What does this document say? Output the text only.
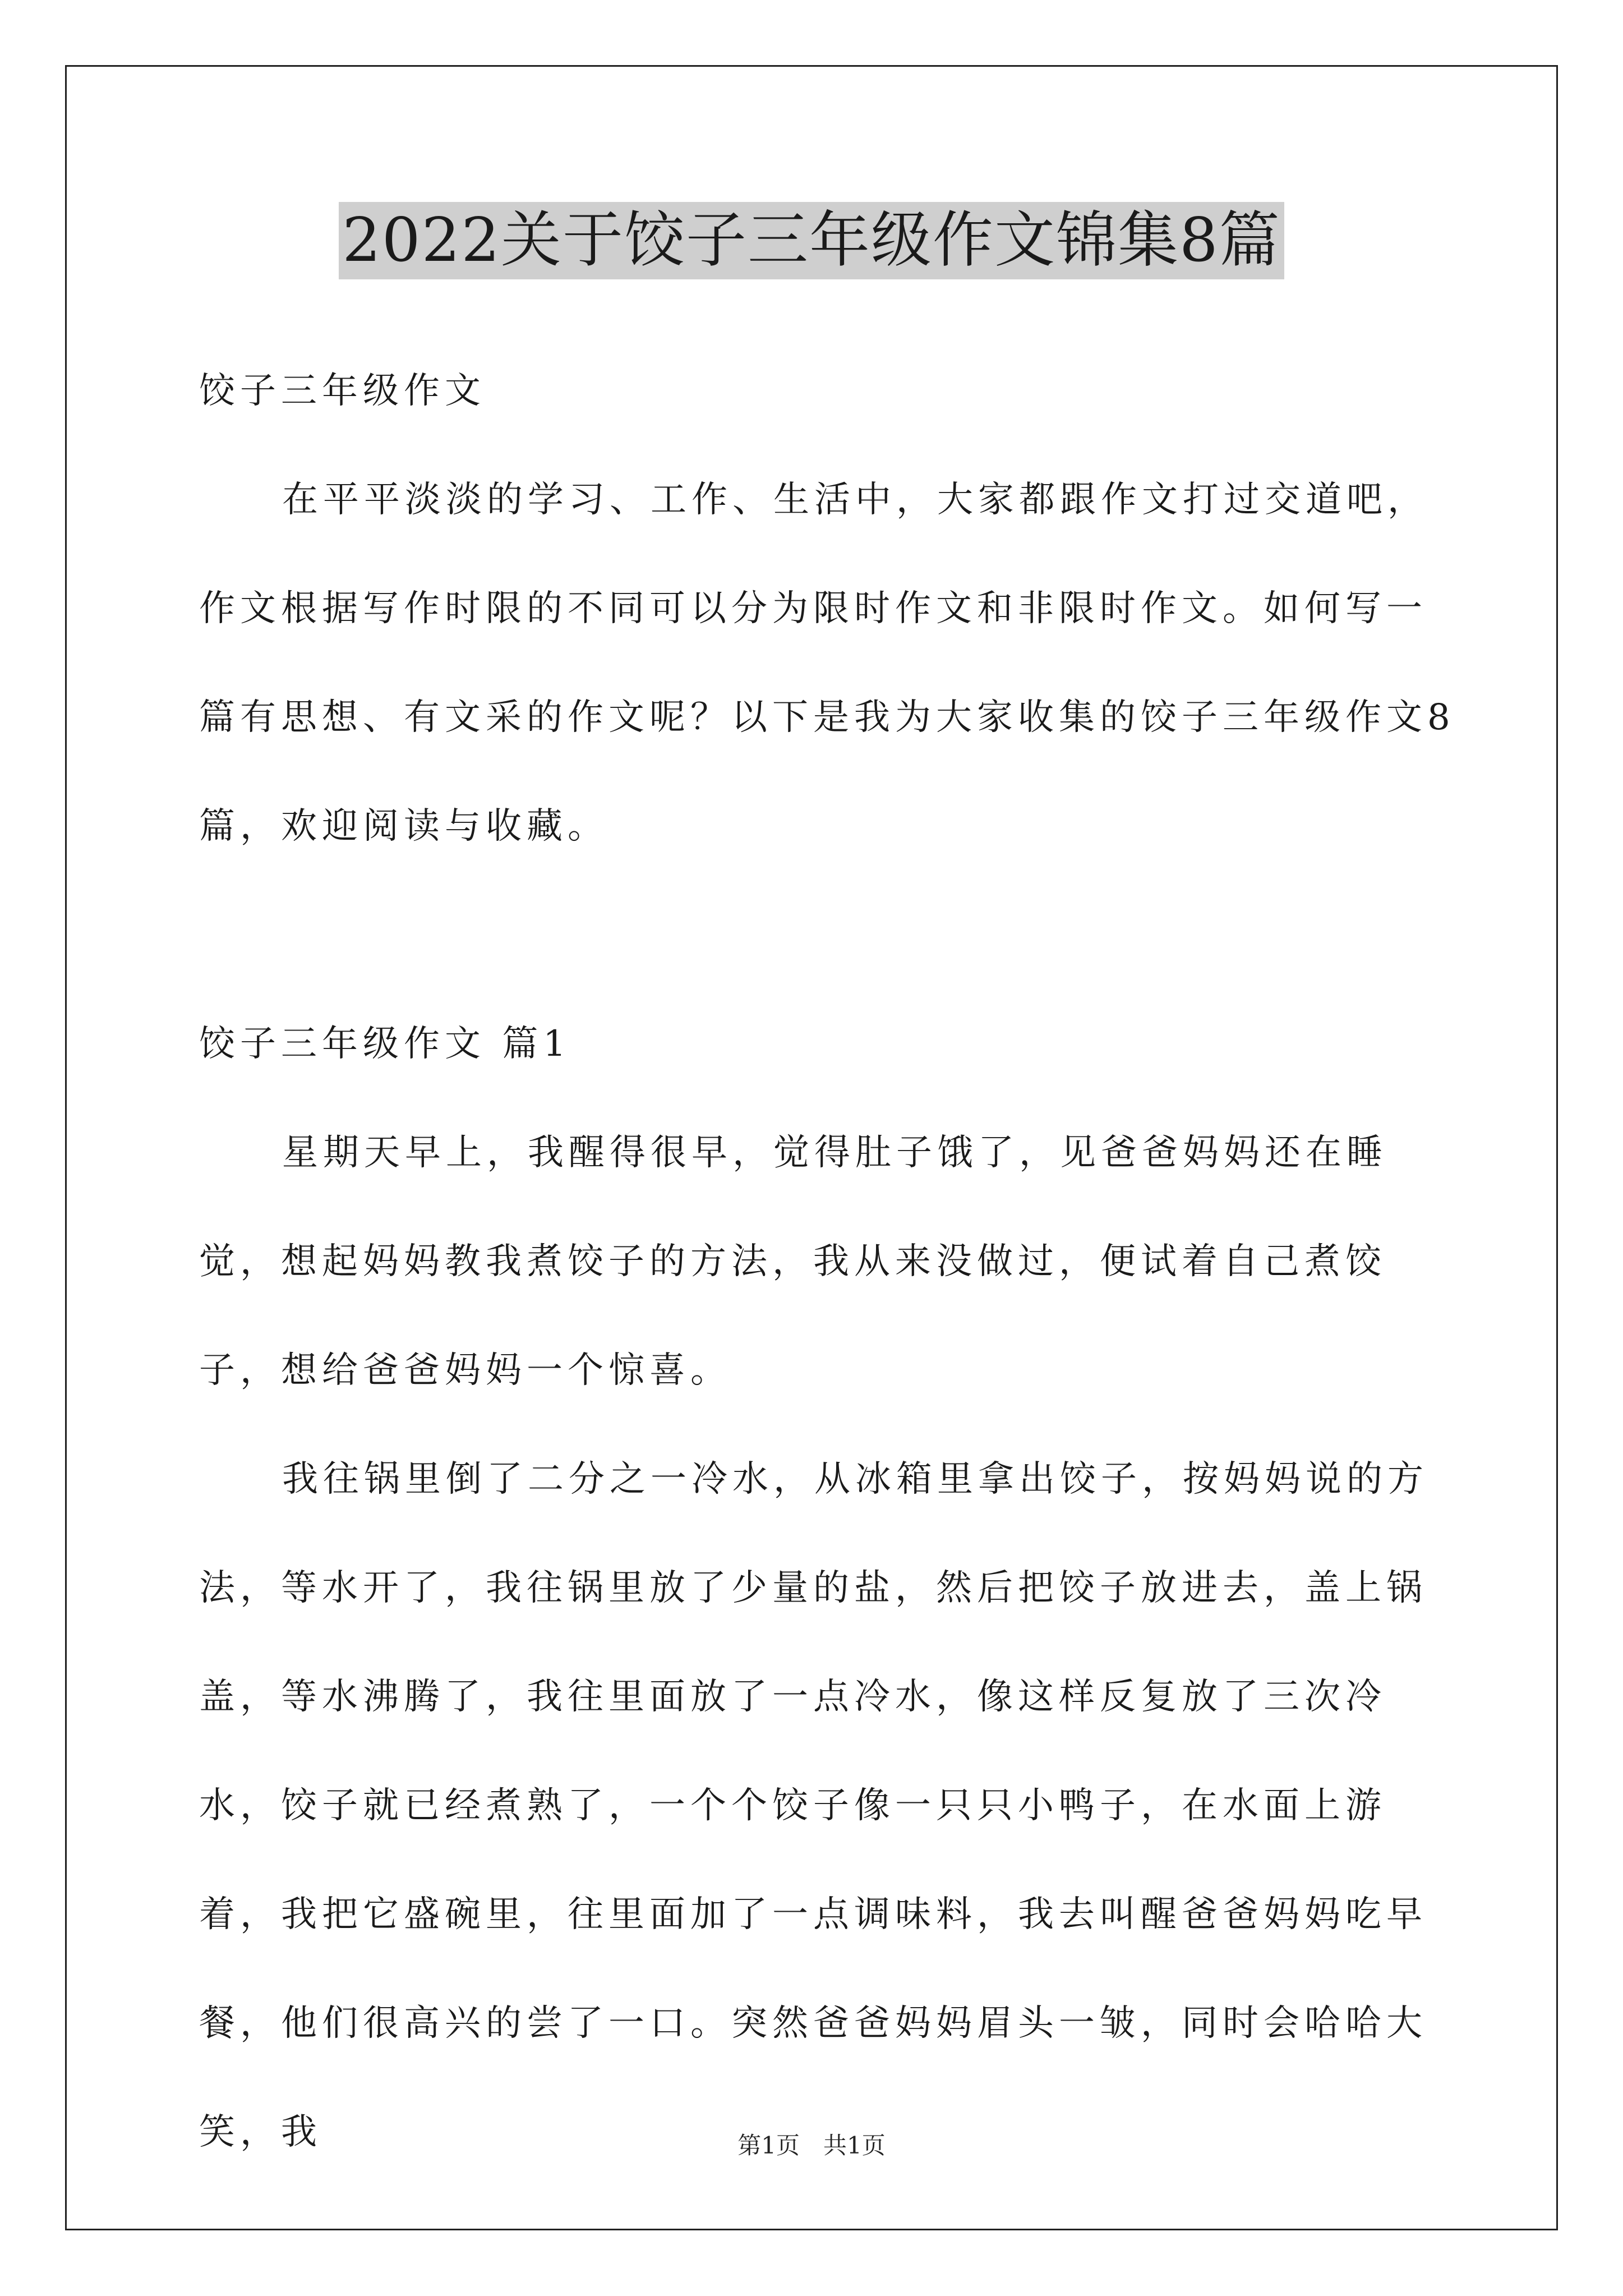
2022关于饺子三年级作文锦集8篇

饺子三年级作文

在平平淡淡的学习、工作、生活中，大家都跟作文打过交道吧，作文根据写作时限的不同可以分为限时作文和非限时作文。如何写一篇有思想、有文采的作文呢？以下是我为大家收集的饺子三年级作文8篇，欢迎阅读与收藏。

饺子三年级作文 篇1

星期天早上，我醒得很早，觉得肚子饿了，见爸爸妈妈还在睡觉，想起妈妈教我煮饺子的方法，我从来没做过，便试着自己煮饺子，想给爸爸妈妈一个惊喜。

我往锅里倒了二分之一冷水，从冰箱里拿出饺子，按妈妈说的方法，等水开了，我往锅里放了少量的盐，然后把饺子放进去，盖上锅盖，等水沸腾了，我往里面放了一点冷水，像这样反复放了三次冷水，饺子就已经煮熟了，一个个饺子像一只只小鸭子，在水面上游着，我把它盛碗里，往里面加了一点调味料，我去叫醒爸爸妈妈吃早餐，他们很高兴的尝了一口。突然爸爸妈妈眉头一皱，同时会哈哈大笑，我	第1页　共1页
